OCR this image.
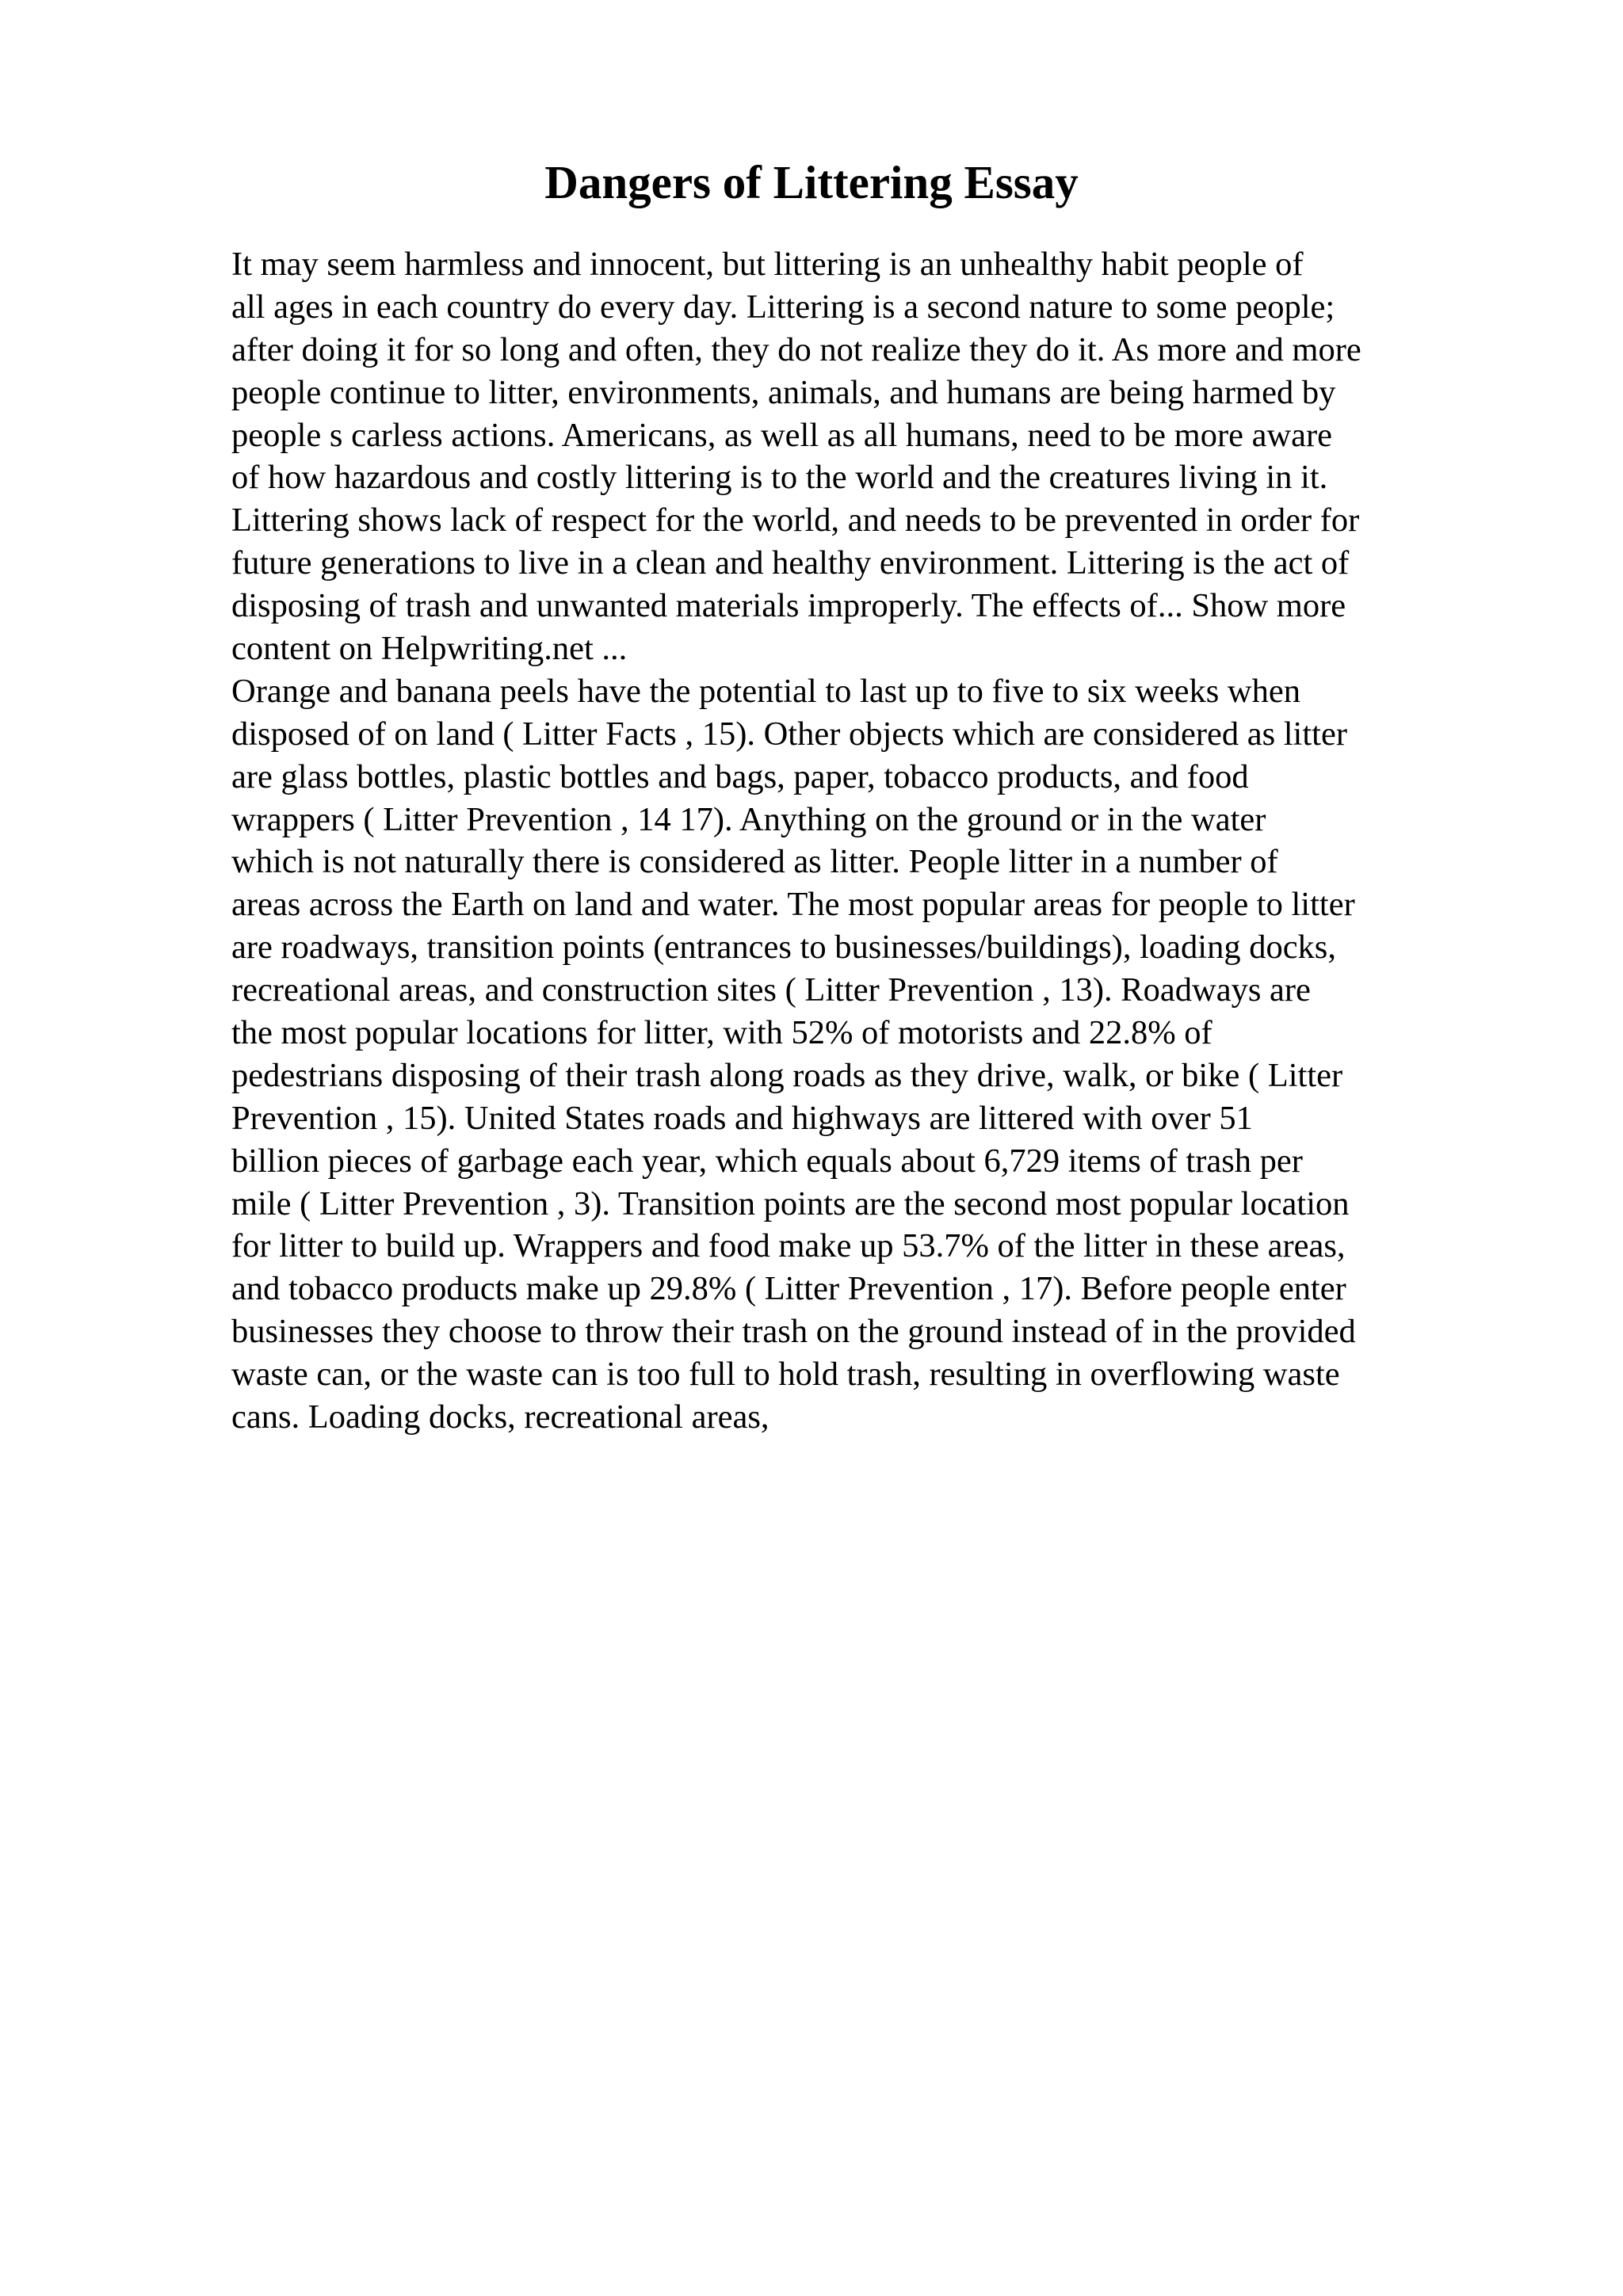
Dangers of Littering Essay
It may seem harmless and innocent, but littering is an unhealthy habit people of
all ages in each country do every day. Littering is a second nature to some people;
after doing it for so long and often, they do not realize they do it. As more and more
people continue to litter, environments, animals, and humans are being harmed by
people s carless actions. Americans, as well as all humans, need to be more aware
of how hazardous and costly littering is to the world and the creatures living in it.
Littering shows lack of respect for the world, and needs to be prevented in order for
future generations to live in a clean and healthy environment. Littering is the act of
disposing of trash and unwanted materials improperly. The effects of... Show more
content on Helpwriting.net ...
Orange and banana peels have the potential to last up to five to six weeks when
disposed of on land ( Litter Facts , 15). Other objects which are considered as litter
are glass bottles, plastic bottles and bags, paper, tobacco products, and food
wrappers ( Litter Prevention , 14 17). Anything on the ground or in the water
which is not naturally there is considered as litter. People litter in a number of
areas across the Earth on land and water. The most popular areas for people to litter
are roadways, transition points (entrances to businesses/buildings), loading docks,
recreational areas, and construction sites ( Litter Prevention , 13). Roadways are
the most popular locations for litter, with 52% of motorists and 22.8% of
pedestrians disposing of their trash along roads as they drive, walk, or bike ( Litter
Prevention , 15). United States roads and highways are littered with over 51
billion pieces of garbage each year, which equals about 6,729 items of trash per
mile ( Litter Prevention , 3). Transition points are the second most popular location
for litter to build up. Wrappers and food make up 53.7% of the litter in these areas,
and tobacco products make up 29.8% ( Litter Prevention , 17). Before people enter
businesses they choose to throw their trash on the ground instead of in the provided
waste can, or the waste can is too full to hold trash, resulting in overflowing waste
cans. Loading docks, recreational areas,
